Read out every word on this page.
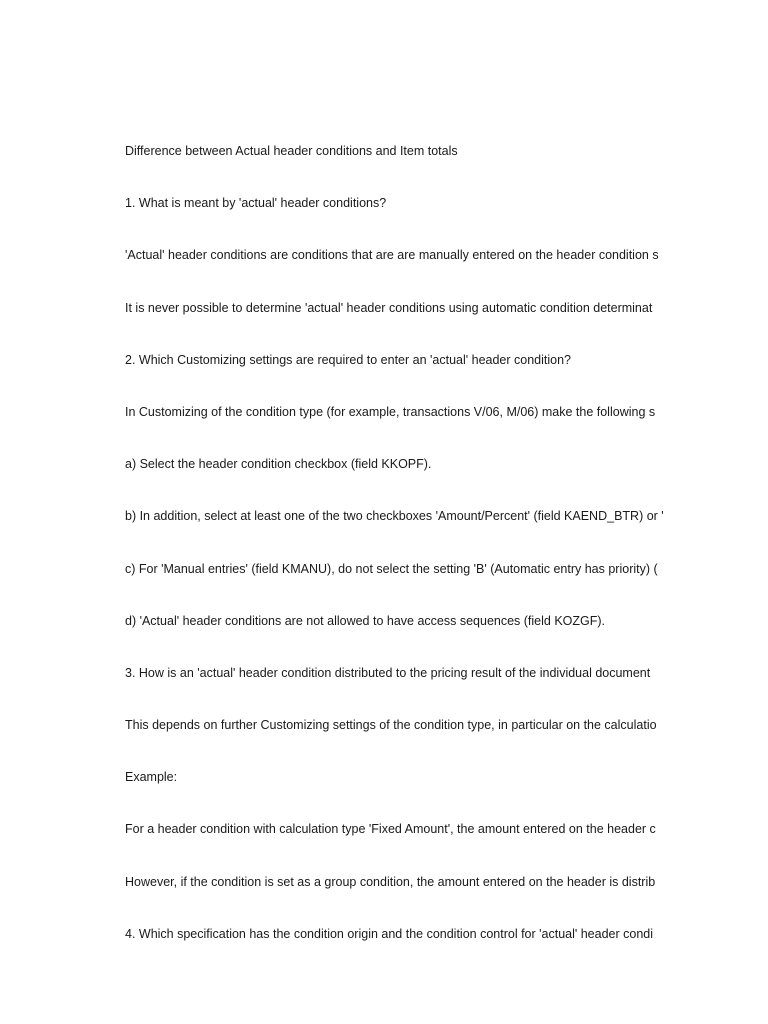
Difference between Actual header conditions and Item totals

1. What is meant by 'actual' header conditions?

'Actual' header conditions are conditions that are are manually entered on the header condition s

It is never possible to determine 'actual' header conditions using automatic condition determinat

2. Which Customizing settings are required to enter an 'actual' header condition?

In Customizing of the condition type (for example, transactions V/06, M/06) make the following s

a) Select the header condition checkbox (field KKOPF).

b) In addition, select at least one of the two checkboxes 'Amount/Percent' (field KAEND_BTR) or '

c) For 'Manual entries' (field KMANU), do not select the setting 'B' (Automatic entry has priority) (

d) 'Actual' header conditions are not allowed to have access sequences (field KOZGF).

3. How is an 'actual' header condition distributed to the pricing result of the individual document

This depends on further Customizing settings of the condition type, in particular on the calculatio

Example:

For a header condition with calculation type 'Fixed Amount', the amount entered on the header c

However, if the condition is set as a group condition, the amount entered on the header is distrib

4. Which specification has the condition origin and the condition control for 'actual' header condi
